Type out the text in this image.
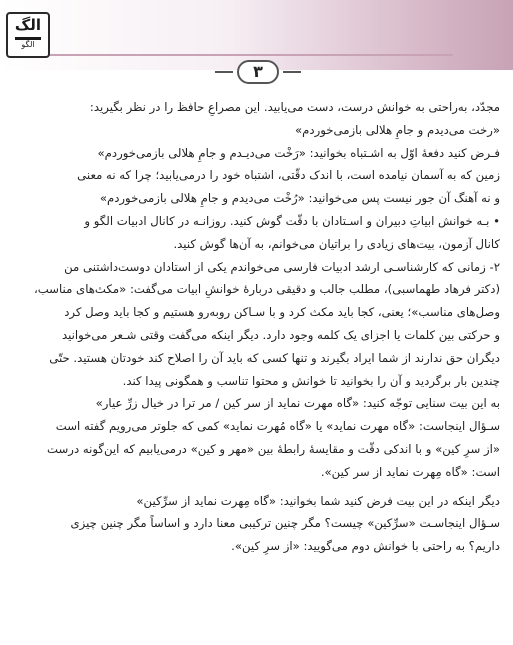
الگ
الگو
۳

مجدّد، به‌راحتی به خوانش درست، دست می‌یابید. این مصراعِ حافظ را در نظر بگیرید:
«رخت می‌دیدم و جامِ هلالی بازمی‌خوردم»

فـرض کنید دفعهٔ اوّل به اشـتباه بخوانید: «رَخْت می‌دیـدم و جامِ هلالی بازمی‌خوردم»
زمین که به آسمان نیامده است، با اندک دقّتی، اشتباه خود را درمی‌یابید؛ چرا که نه معنی
و نه آهنگ آن جور نیست پس می‌خوانید: «رُخْت می‌دیدم و جامِ هلالی بازمی‌خوردم»
• بـه خوانش ابیاتِ دبیران و اسـتادان با دقّت گوش کنید. روزانـه در کانال ادبیات الگو و
کانال آزمون، بیت‌های زیادی را براتیان می‌خوانم، به آن‌ها گوش کنید.

۲- زمانی که کارشناسـی ارشد ادبیات فارسی می‌خواندم یکی از استادان دوست‌داشتنی من
(دکتر فرهاد طهماسبی)، مطلب جالب و دقیقی دربارهٔ خوانشِ ابیات می‌گفت: «مکث‌های مناسب،
وصل‌های مناسب»؛ یعنی، کجا باید مکث کرد و با سـاکن روبه‌رو هستیم و کجا باید وصل کرد
و حرکتی بین کلمات یا اجزای یک کلمه وجود دارد. دیگر اینکه می‌گفت وقتی شـعر می‌خوانید
دیگران حق ندارند از شما ایراد بگیرند و تنها کسی که باید آن را اصلاح کند خودتان هستید. حتّی
چندین بار برگردید و آن را بخوانید تا خوانش و محتوا تناسب و همگونی پیدا کند.

به این بیت سنایی توجّه کنید: «گاه مهرت نماید از سر کین / مر ترا در خیال زرِّ عیار»
سـؤال اینجاست: «گاه مهرت نماید» یا «گاه مُهرت نماید» کمی که جلوتر می‌رویم گفته است
«از سرِ کین» و با اندکی دقّت و مقایسهٔ رابطهٔ بین «مهر و کین» درمی‌یابیم که این‌گونه درست
است: «گاه مِهرت نماید از سر کین».

دیگر اینکه در این بیت فرض کنید شما بخوانید: «گاه مِهرت نماید از سرِّکین»
سـؤال اینجاسـت «سرِّکین» چیست؟ مگر چنین ترکیبی معنا دارد و اساساً مگر چنین چیزی
داریم؟ به راحتی با خوانش دوم می‌گویید: «از سرِ کین».
